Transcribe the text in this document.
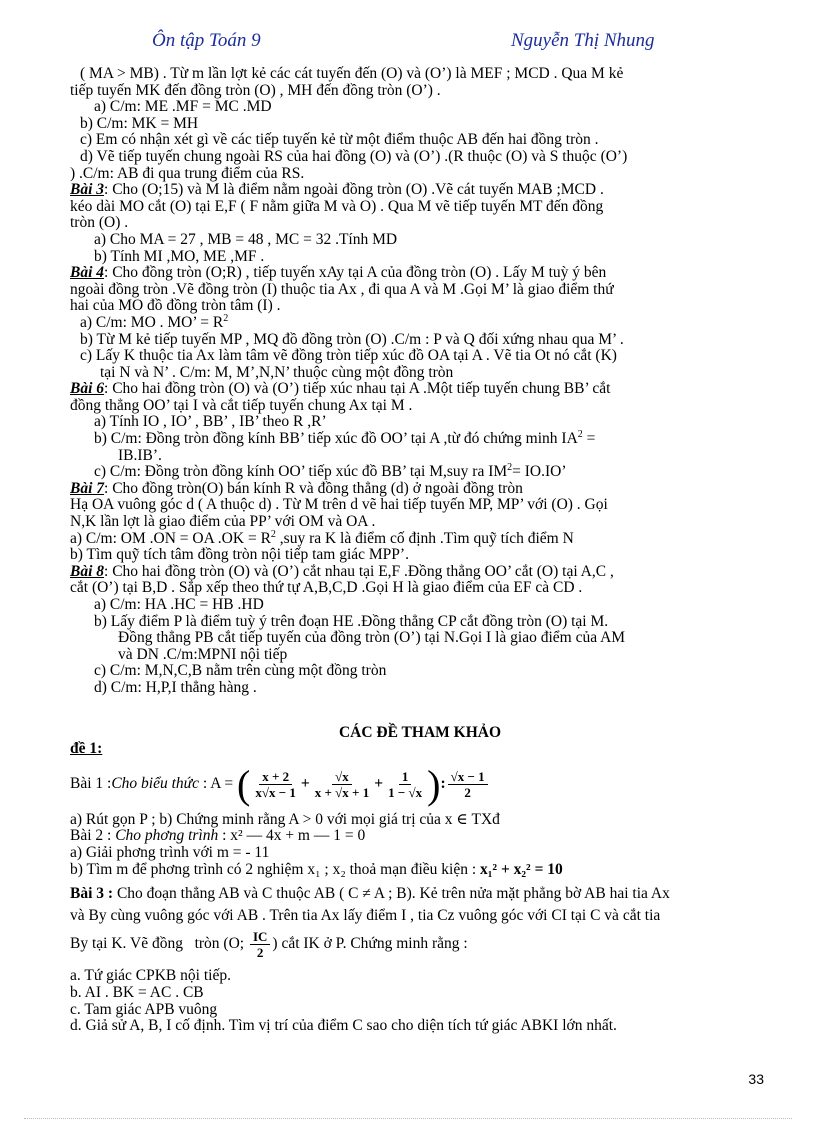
Ôn tập Toán 9	Nguyễn Thị Nhung

( MA > MB) . Từ m lần lợt kẻ các cát tuyến đến (O) và (O’) là MEF ; MCD . Qua M kẻ

tiếp tuyến MK đến đồng tròn (O) , MH đến đồng tròn (O’) .

a) C/m: ME .MF = MC .MD

b) C/m: MK = MH

c) Em có nhận xét gì về các tiếp tuyến kẻ từ một điểm thuộc AB đến hai đồng tròn .

d) Vẽ tiếp tuyến chung ngoài RS của hai đồng (O) và (O’) .(R thuộc (O) và S thuộc (O’)

) .C/m: AB đi qua trung điểm của RS.

Bài 3: Cho (O;15) và M là điểm nằm ngoài đồng tròn (O) .Vẽ cát tuyến MAB ;MCD .

kéo dài MO cắt (O) tại E,F ( F nằm giữa M và O) . Qua M vẽ tiếp tuyến MT đến đồng

tròn (O) .

a) Cho MA = 27 , MB = 48 , MC = 32 .Tính MD

b) Tính MI ,MO, ME ,MF .

Bài 4: Cho đồng tròn (O;R) , tiếp tuyến xAy tại A của đồng tròn (O) . Lấy M tuỳ ý bên

ngoài đồng tròn .Vẽ đồng tròn (I) thuộc tia Ax , đi qua A và M .Gọi M’ là giao điểm thứ

hai của MO đồ đồng tròn tâm (I) .

a) C/m: MO . MO’ = $R^2$

b) Từ M kẻ tiếp tuyến MP , MQ đồ đồng tròn (O) .C/m : P và Q đối xứng nhau qua M’ .

c) Lấy K thuộc tia Ax làm tâm vẽ đồng tròn tiếp xúc đồ OA tại A . Vẽ tia Ot nó cắt (K)

tại N và N’ . C/m: M, M’,N,N’ thuộc cùng một đồng tròn

Bài 6: Cho hai đồng tròn (O) và (O’) tiếp xúc nhau tại A .Một tiếp tuyến chung BB’ cắt

đồng thẳng OO’ tại I và cắt tiếp tuyến chung Ax tại M .

a) Tính IO , IO’ , BB’ , IB’ theo R ,R’

b) C/m: Đồng tròn đồng kính BB’ tiếp xúc đồ OO’ tại A ,từ đó chứng minh $IA^2$ =

IB.IB’.

c) C/m: Đồng tròn đồng kính OO’ tiếp xúc đồ BB’ tại M,suy ra $IM^2= IO.IO$’

Bài 7: Cho đồng tròn(O) bán kính R và đồng thẳng (d) ở ngoài đồng tròn

Hạ OA vuông góc d ( A thuộc d) . Từ M trên d vẽ hai tiếp tuyến MP, MP’ với (O) . Gọi

N,K lần lợt là giao điểm của PP’ với OM và OA .

a) C/m: OM .ON = OA $.OK = R^2$ ,suy ra K là điểm cố định .Tìm quỹ tích điểm N

b) Tìm quỹ tích tâm đồng tròn nội tiếp tam giác MPP’.

Bài 8: Cho hai đồng tròn (O) và (O’) cắt nhau tại E,F .Đồng thẳng OO’ cắt (O) tại A,C ,

cắt (O’) tại B,D . Sắp xếp theo thứ tự A,B,C,D .Gọi H là giao điểm của EF cà CD .

a) C/m: HA .HC = HB .HD

b) Lấy điểm P là điểm tuỳ ý trên đoạn HE .Đồng thẳng CP cắt đồng tròn (O) tại M.

Đồng thẳng PB cắt tiếp tuyến của đồng tròn (O’) tại N.Gọi I là giao điểm của AM

và DN .C/m:MPNI nội tiếp

c) C/m: M,N,C,B nằm trên cùng một đồng tròn

d) C/m: H,P,I thẳng hàng .

CÁC ĐỀ THAM KHẢO

đề 1:

Bài 1 : Cho biểu thức : A = ( $\frac{x + 2}{x√x - 1} + \frac{√x}{x + √x + 1} + \frac{1}{1 - √x}$ ) : $\frac{√x - 1}{2}$

a) Rút gọn P ; b) Chứng minh rằng A > 0 với mọi giá trị của x ∈ TXđ

Bài 2 : Cho phơng trình : x² — 4x + m — 1 = 0

a) Giải phơng trình với m = - 11

b) Tìm m để phơng trình có 2 nghiệm x₁ ; x₂ thoả mạn điều kiện : x₁² + x₂² = 10

Bài 3 : Cho đoạn thẳng AB và C thuộc AB ( C ≠ A ; B). Kẻ trên nửa mặt phẳng bờ AB hai tia Ax

và By cùng vuông góc với AB . Trên tia Ax lấy điểm I , tia Cz vuông góc với CI tại C và cắt tia

By tại K. Vẽ đồng   tròn (O; $\frac{IC}{2}$ ) cắt IK ở P. Chứng minh rằng :

a. Tứ giác CPKB nội tiếp.

b. AI . BK = AC . CB

c. Tam giác APB vuông

d. Giả sử A, B, I cố định. Tìm vị trí của điểm C sao cho diện tích tứ giác ABKI lớn nhất.

33
